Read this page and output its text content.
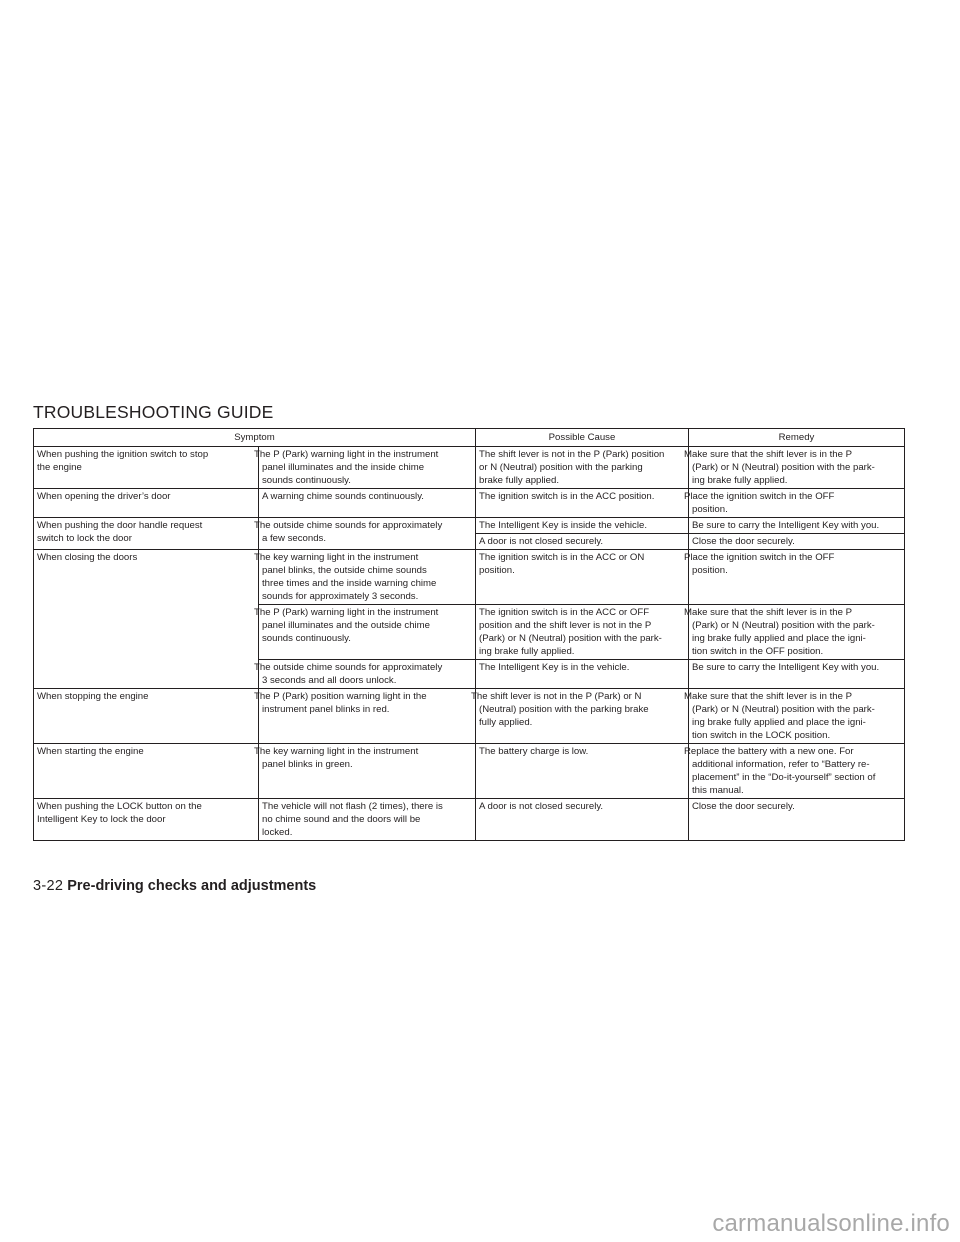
TROUBLESHOOTING GUIDE
Symptom		Possible Cause	Remedy
When pushing the ignition switch to stop
the engine	The P (Park) warning light in the instrument
panel illuminates and the inside chime
sounds continuously.	The shift lever is not in the P (Park) position
or N (Neutral) position with the parking
brake fully applied.	Make sure that the shift lever is in the P
(Park) or N (Neutral) position with the park-
ing brake fully applied.
When opening the driver’s door	A warning chime sounds continuously.	The ignition switch is in the ACC position.	Place the ignition switch in the OFF
position.
When pushing the door handle request
switch to lock the door	The outside chime sounds for approximately
a few seconds.	The Intelligent Key is inside the vehicle.	Be sure to carry the Intelligent Key with you.
		A door is not closed securely.	Close the door securely.
When closing the doors	The key warning light in the instrument
panel blinks, the outside chime sounds
three times and the inside warning chime
sounds for approximately 3 seconds.	The ignition switch is in the ACC or ON
position.	Place the ignition switch in the OFF
position.
	The P (Park) warning light in the instrument
panel illuminates and the outside chime
sounds continuously.	The ignition switch is in the ACC or OFF
position and the shift lever is not in the P
(Park) or N (Neutral) position with the park-
ing brake fully applied.	Make sure that the shift lever is in the P
(Park) or N (Neutral) position with the park-
ing brake fully applied and place the igni-
tion switch in the OFF position.
	The outside chime sounds for approximately
3 seconds and all doors unlock.	The Intelligent Key is in the vehicle.	Be sure to carry the Intelligent Key with you.
When stopping the engine	The P (Park) position warning light in the
instrument panel blinks in red.	The shift lever is not in the P (Park) or N
(Neutral) position with the parking brake
fully applied.	Make sure that the shift lever is in the P
(Park) or N (Neutral) position with the park-
ing brake fully applied and place the igni-
tion switch in the LOCK position.
When starting the engine	The key warning light in the instrument
panel blinks in green.	The battery charge is low.	Replace the battery with a new one. For
additional information, refer to “Battery re-
placement” in the “Do-it-yourself” section of
this manual.
When pushing the LOCK button on the
Intelligent Key to lock the door	The vehicle will not flash (2 times), there is
no chime sound and the doors will be
locked.	A door is not closed securely.	Close the door securely.
3-22 Pre-driving checks and adjustments
carmanualsonline.info
